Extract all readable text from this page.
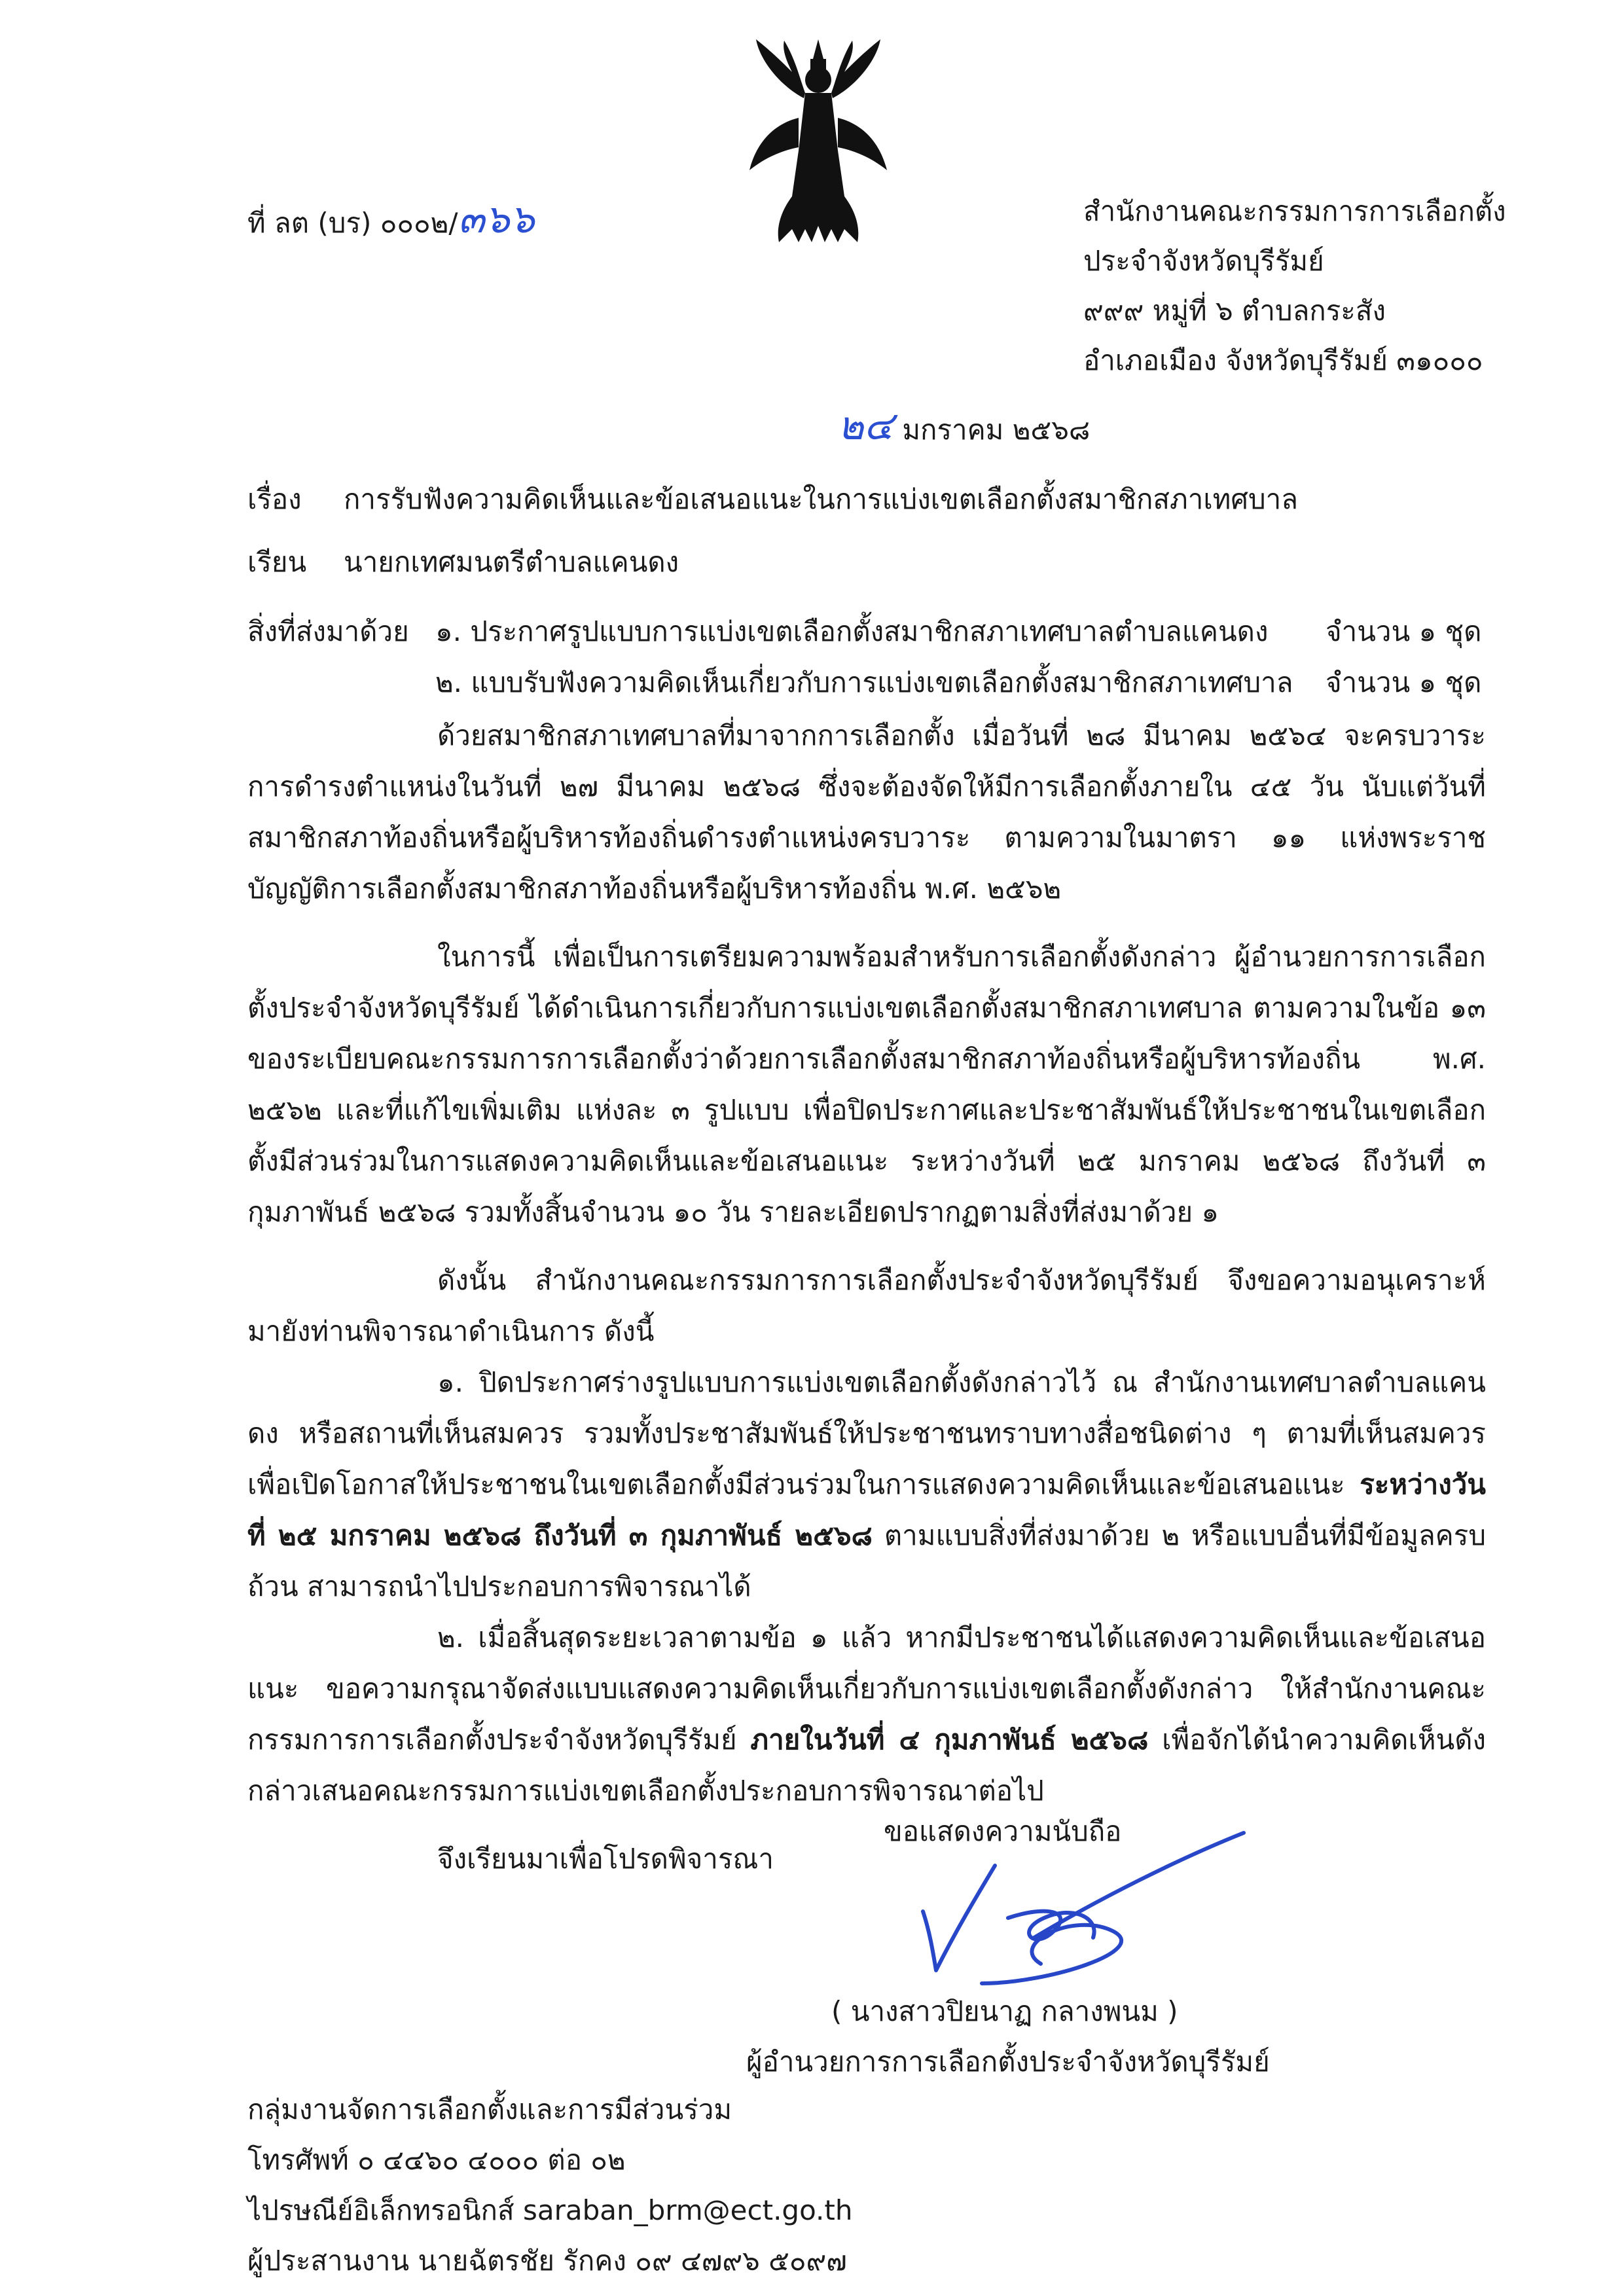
ที่ ลต (บร) ๐๐๐๒/๓๖๖	สำนักงานคณะกรรมการการเลือกตั้ง
ประจำจังหวัดบุรีรัมย์
๙๙๙ หมู่ที่ ๖ ตำบลกระสัง
อำเภอเมือง จังหวัดบุรีรัมย์ ๓๑๐๐๐
๒๔ มกราคม ๒๕๖๘
เรื่อง การรับฟังความคิดเห็นและข้อเสนอแนะในการแบ่งเขตเลือกตั้งสมาชิกสภาเทศบาล
เรียน นายกเทศมนตรีตำบลแคนดง
สิ่งที่ส่งมาด้วย ๑. ประกาศรูปแบบการแบ่งเขตเลือกตั้งสมาชิกสภาเทศบาลตำบลแคนดง จำนวน ๑ ชุด
๒. แบบรับฟังความคิดเห็นเกี่ยวกับการแบ่งเขตเลือกตั้งสมาชิกสภาเทศบาล จำนวน ๑ ชุด

ด้วยสมาชิกสภาเทศบาลที่มาจากการเลือกตั้ง เมื่อวันที่ ๒๘ มีนาคม ๒๕๖๔ จะครบวาระการดำรงตำแหน่งในวันที่ ๒๗ มีนาคม ๒๕๖๘ ซึ่งจะต้องจัดให้มีการเลือกตั้งภายใน ๔๕ วัน นับแต่วันที่สมาชิกสภาท้องถิ่นหรือผู้บริหารท้องถิ่นดำรงตำแหน่งครบวาระ ตามความในมาตรา ๑๑ แห่งพระราชบัญญัติการเลือกตั้งสมาชิกสภาท้องถิ่นหรือผู้บริหารท้องถิ่น พ.ศ. ๒๕๖๒

ในการนี้ เพื่อเป็นการเตรียมความพร้อมสำหรับการเลือกตั้งดังกล่าว ผู้อำนวยการการเลือกตั้งประจำจังหวัดบุรีรัมย์ ได้ดำเนินการเกี่ยวกับการแบ่งเขตเลือกตั้งสมาชิกสภาเทศบาล ตามความในข้อ ๑๓ ของระเบียบคณะกรรมการการเลือกตั้งว่าด้วยการเลือกตั้งสมาชิกสภาท้องถิ่นหรือผู้บริหารท้องถิ่น พ.ศ. ๒๕๖๒ และที่แก้ไขเพิ่มเติม แห่งละ ๓ รูปแบบ เพื่อปิดประกาศและประชาสัมพันธ์ให้ประชาชนในเขตเลือกตั้งมีส่วนร่วมในการแสดงความคิดเห็นและข้อเสนอแนะ ระหว่างวันที่ ๒๕ มกราคม ๒๕๖๘ ถึงวันที่ ๓ กุมภาพันธ์ ๒๕๖๘ รวมทั้งสิ้นจำนวน ๑๐ วัน รายละเอียดปรากฏตามสิ่งที่ส่งมาด้วย ๑

ดังนั้น สำนักงานคณะกรรมการการเลือกตั้งประจำจังหวัดบุรีรัมย์ จึงขอความอนุเคราะห์มายังท่านพิจารณาดำเนินการ ดังนี้

๑. ปิดประกาศร่างรูปแบบการแบ่งเขตเลือกตั้งดังกล่าวไว้ ณ สำนักงานเทศบาลตำบลแคนดง หรือสถานที่เห็นสมควร รวมทั้งประชาสัมพันธ์ให้ประชาชนทราบทางสื่อชนิดต่าง ๆ ตามที่เห็นสมควร เพื่อเปิดโอกาสให้ประชาชนในเขตเลือกตั้งมีส่วนร่วมในการแสดงความคิดเห็นและข้อเสนอแนะ ระหว่างวันที่ ๒๕ มกราคม ๒๕๖๘ ถึงวันที่ ๓ กุมภาพันธ์ ๒๕๖๘ ตามแบบสิ่งที่ส่งมาด้วย ๒ หรือแบบอื่นที่มีข้อมูลครบถ้วน สามารถนำไปประกอบการพิจารณาได้

๒. เมื่อสิ้นสุดระยะเวลาตามข้อ ๑ แล้ว หากมีประชาชนได้แสดงความคิดเห็นและข้อเสนอแนะ ขอความกรุณาจัดส่งแบบแสดงความคิดเห็นเกี่ยวกับการแบ่งเขตเลือกตั้งดังกล่าว ให้สำนักงานคณะกรรมการการเลือกตั้งประจำจังหวัดบุรีรัมย์ ภายในวันที่ ๔ กุมภาพันธ์ ๒๕๖๘ เพื่อจักได้นำความคิดเห็นดังกล่าวเสนอคณะกรรมการแบ่งเขตเลือกตั้งประกอบการพิจารณาต่อไป

จึงเรียนมาเพื่อโปรดพิจารณา

ขอแสดงความนับถือ
( นางสาวปิยนาฏ กลางพนม )
ผู้อำนวยการการเลือกตั้งประจำจังหวัดบุรีรัมย์
กลุ่มงานจัดการเลือกตั้งและการมีส่วนร่วม
โทรศัพท์ ๐ ๔๔๖๐ ๔๐๐๐ ต่อ ๐๒
ไปรษณีย์อิเล็กทรอนิกส์ saraban_brm@ect.go.th
ผู้ประสานงาน นายฉัตรชัย รักคง ๐๙ ๔๗๙๖ ๕๐๙๗
